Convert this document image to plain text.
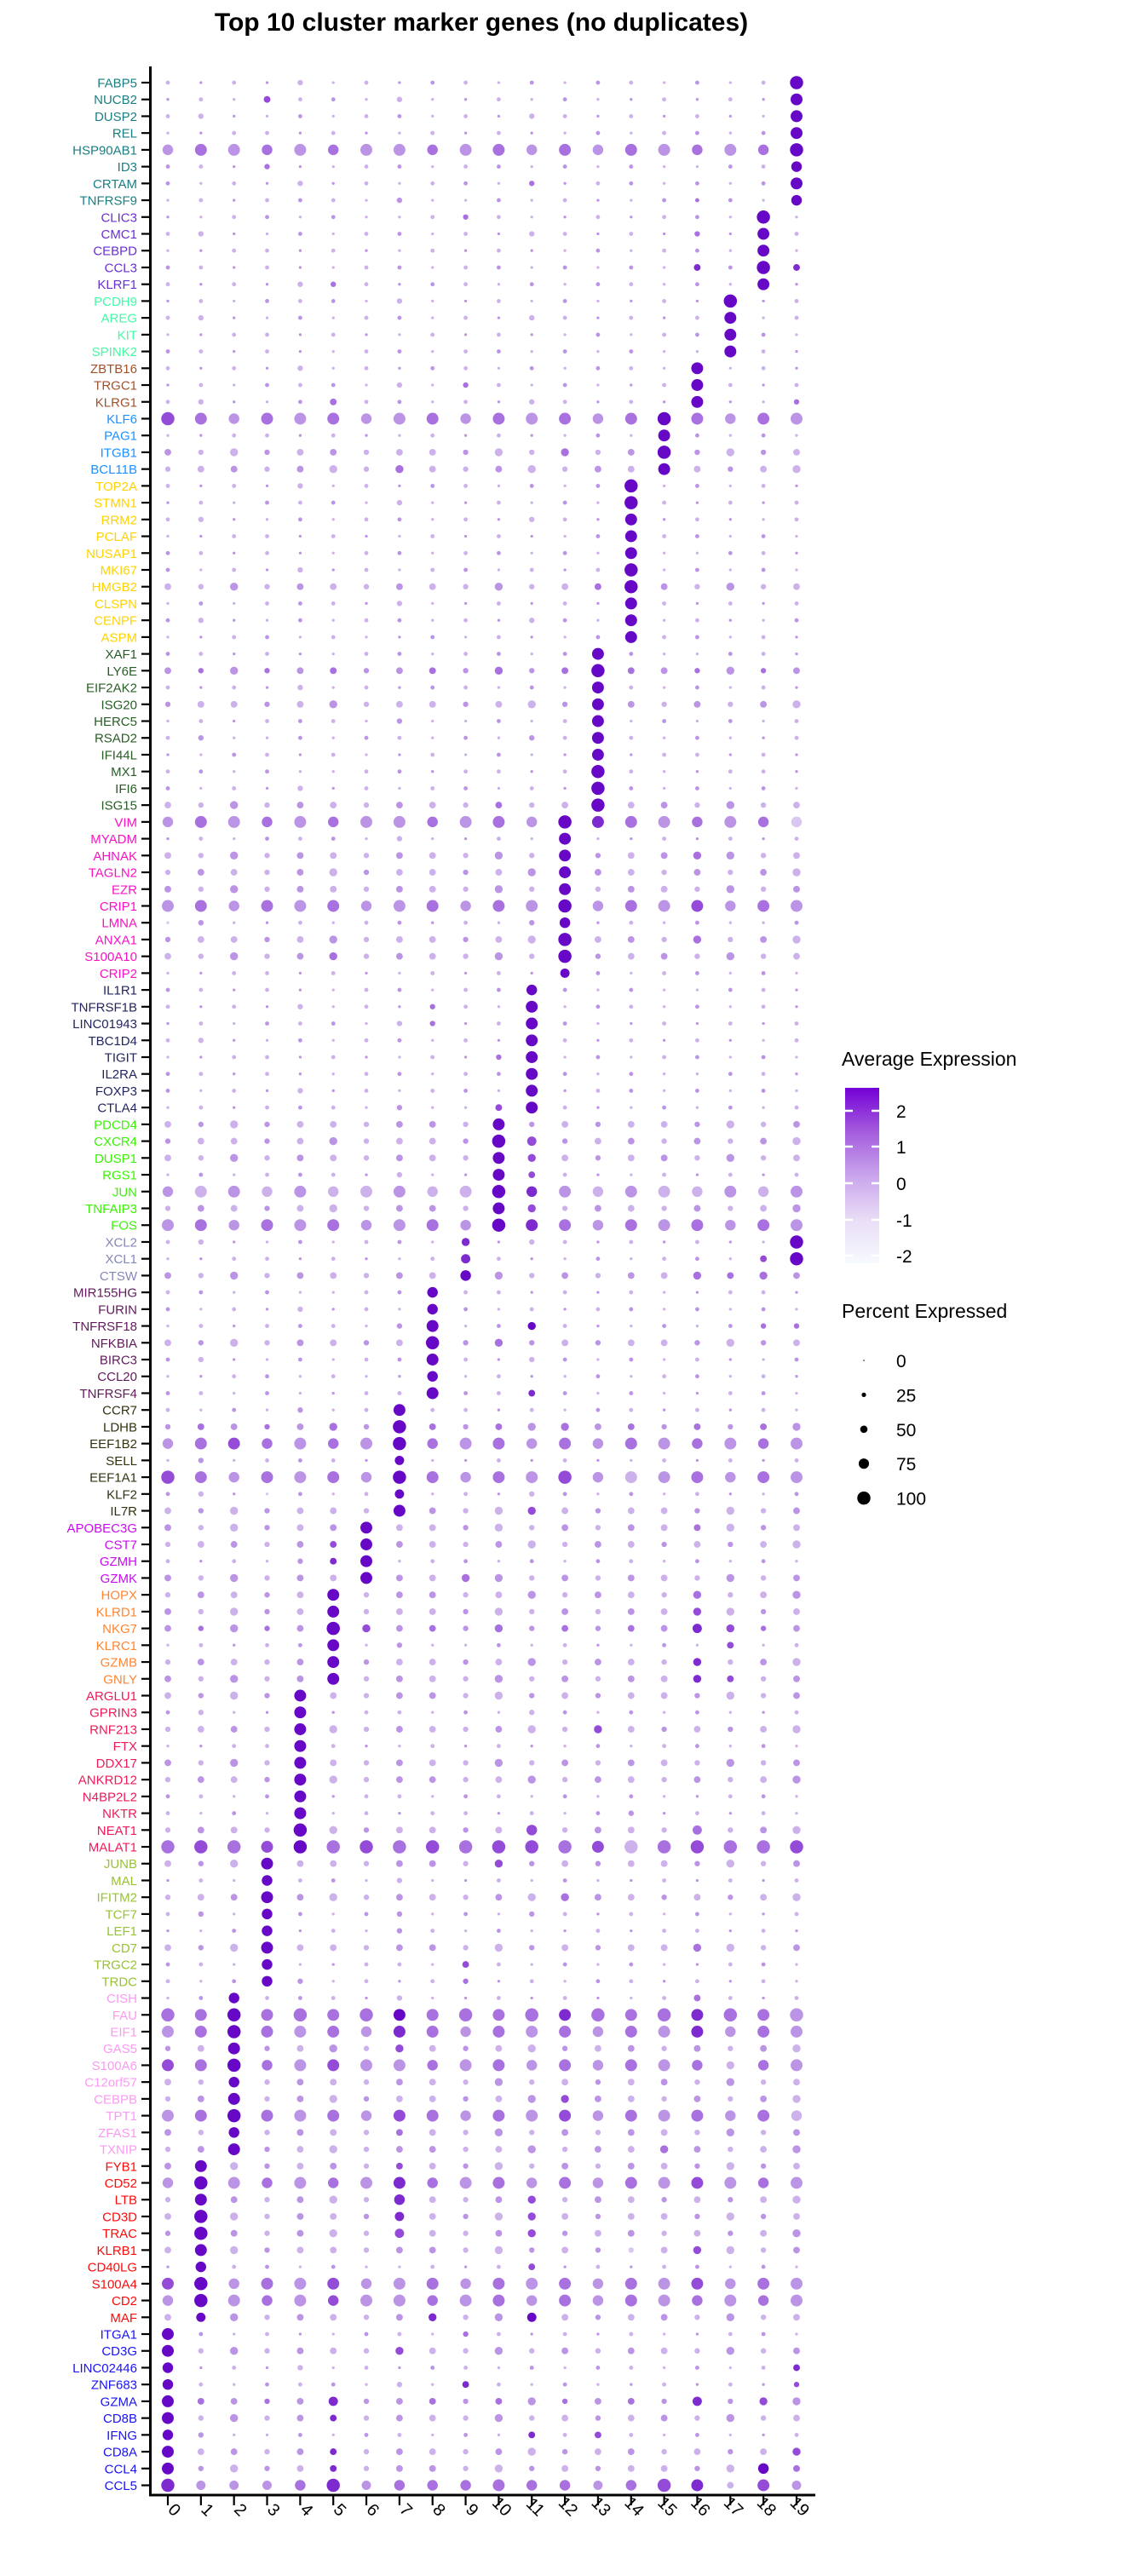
Top 10 cluster marker genes (no duplicates)
FABP5
NUCB2
DUSP2
REL
HSP90AB1
ID3
CRTAM
TNFRSF9
CLIC3
CMC1
CEBPD
CCL3
KLRF1
PCDH9
AREG
KIT
SPINK2
ZBTB16
TRGC1
KLRG1
KLF6
PAG1
ITGB1
BCL11B
TOP2A
STMN1
RRM2
PCLAF
NUSAP1
MKI67
HMGB2
CLSPN
CENPF
ASPM
XAF1
LY6E
EIF2AK2
ISG20
HERC5
RSAD2
IFI44L
MX1
IFI6
ISG15
VIM
MYADM
AHNAK
TAGLN2
EZR
CRIP1
LMNA
ANXA1
S100A10
CRIP2
IL1R1
TNFRSF1B
LINC01943
TBC1D4
TIGIT
IL2RA
FOXP3
CTLA4
PDCD4
CXCR4
DUSP1
RGS1
JUN
TNFAIP3
FOS
XCL2
XCL1
CTSW
MIR155HG
FURIN
TNFRSF18
NFKBIA
BIRC3
CCL20
TNFRSF4
CCR7
LDHB
EEF1B2
SELL
EEF1A1
KLF2
IL7R
APOBEC3G
CST7
GZMH
GZMK
HOPX
KLRD1
NKG7
KLRC1
GZMB
GNLY
ARGLU1
GPRIN3
RNF213
FTX
DDX17
ANKRD12
N4BP2L2
NKTR
NEAT1
MALAT1
JUNB
MAL
IFITM2
TCF7
LEF1
CD7
TRGC2
TRDC
CISH
FAU
EIF1
GAS5
S100A6
C12orf57
CEBPB
TPT1
ZFAS1
TXNIP
FYB1
CD52
LTB
CD3D
TRAC
KLRB1
CD40LG
S100A4
CD2
MAF
ITGA1
CD3G
LINC02446
ZNF683
GZMA
CD8B
IFNG
CD8A
CCL4
CCL5
0 1 2 3 4 5 6 7 8 9 10 11 12 13 14 15 16 17 18 19
2
1
0
-1
-2
0
25
50
75
100
Average Expression
Percent Expressed
